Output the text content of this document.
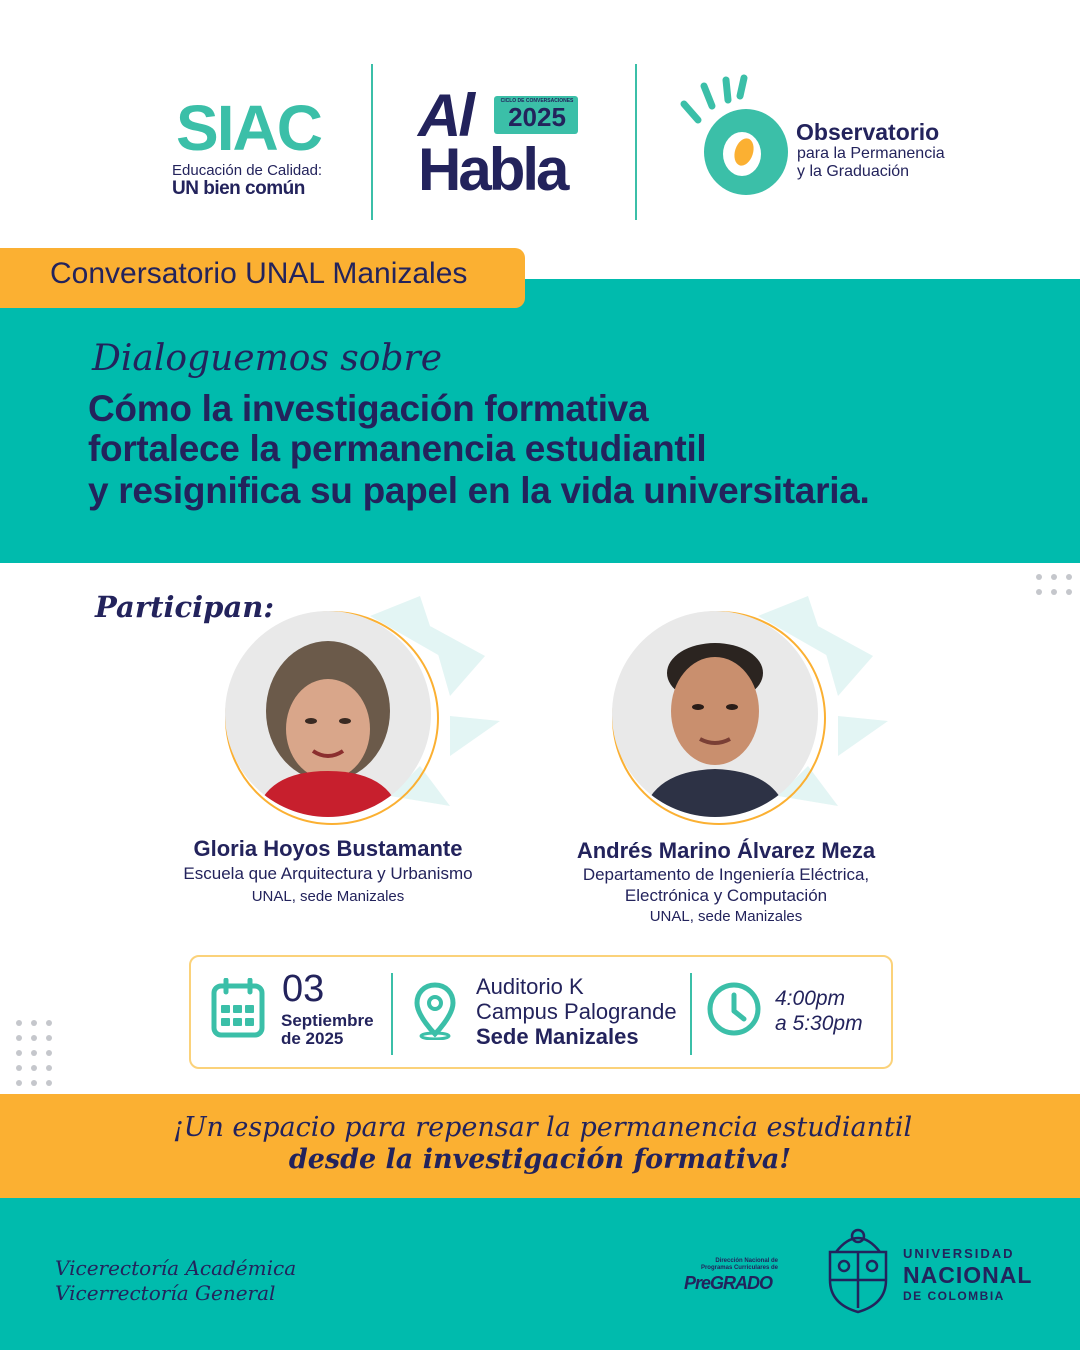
SIAC
Educación de Calidad:
UN bien común
CICLO DE CONVERSACIONES
2025
Al
Habla
Observatorio
para la Permanencia
y la Graduación
Conversatorio UNAL Manizales
Dialoguemos sobre
Cómo la investigación formativa
fortalece la permanencia estudiantil
y resignifica su papel en la vida universitaria.
Participan:
Gloria Hoyos Bustamante
Escuela que Arquitectura y Urbanismo
UNAL, sede Manizales
Andrés Marino Álvarez Meza
Departamento de Ingeniería Eléctrica,
Electrónica y Computación
UNAL, sede Manizales
03
Septiembre
de 2025
Auditorio K
Campus Palogrande
Sede Manizales
4:00pm
a 5:30pm
¡Un espacio para repensar la permanencia estudiantil
desde la investigación formativa!
Vicerectoría Académica
Vicerrectoría General
Dirección Nacional de Programas Curriculares de
PreGRADO
UNIVERSIDAD
NACIONAL
DE COLOMBIA
